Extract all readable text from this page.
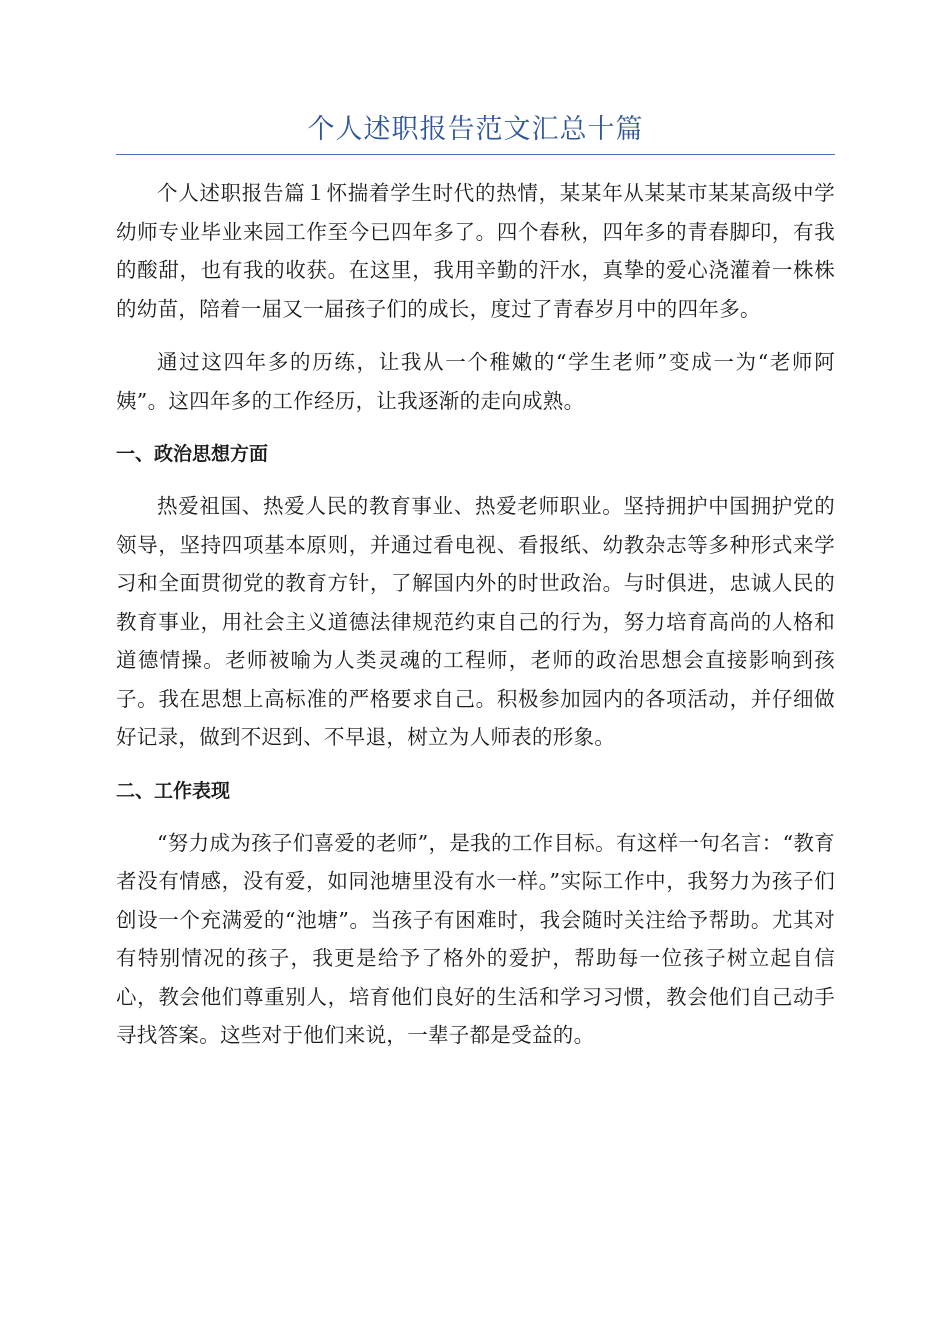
个人述职报告范文汇总十篇

个人述职报告篇１怀揣着学生时代的热情，某某年从某某市某某高级中学幼师专业毕业来园工作至今已四年多了。四个春秋，四年多的青春脚印，有我的酸甜，也有我的收获。在这里，我用辛勤的汗水，真挚的爱心浇灌着一株株的幼苗，陪着一届又一届孩子们的成长，度过了青春岁月中的四年多。

通过这四年多的历练，让我从一个稚嫩的“学生老师”变成一为“老师阿姨”。这四年多的工作经历，让我逐渐的走向成熟。

一、政治思想方面

热爱祖国、热爱人民的教育事业、热爱老师职业。坚持拥护中国拥护党的领导，坚持四项基本原则，并通过看电视、看报纸、幼教杂志等多种形式来学习和全面贯彻党的教育方针，了解国内外的时世政治。与时俱进，忠诚人民的教育事业，用社会主义道德法律规范约束自己的行为，努力培育高尚的人格和道德情操。老师被喻为人类灵魂的工程师，老师的政治思想会直接影响到孩子。我在思想上高标准的严格要求自己。积极参加园内的各项活动，并仔细做好记录，做到不迟到、不早退，树立为人师表的形象。

二、工作表现

“努力成为孩子们喜爱的老师”，是我的工作目标。有这样一句名言：“教育者没有情感，没有爱，如同池塘里没有水一样。”实际工作中，我努力为孩子们创设一个充满爱的“池塘”。当孩子有困难时，我会随时关注给予帮助。尤其对有特别情况的孩子，我更是给予了格外的爱护，帮助每一位孩子树立起自信心，教会他们尊重别人，培育他们良好的生活和学习习惯，教会他们自己动手寻找答案。这些对于他们来说，一辈子都是受益的。
